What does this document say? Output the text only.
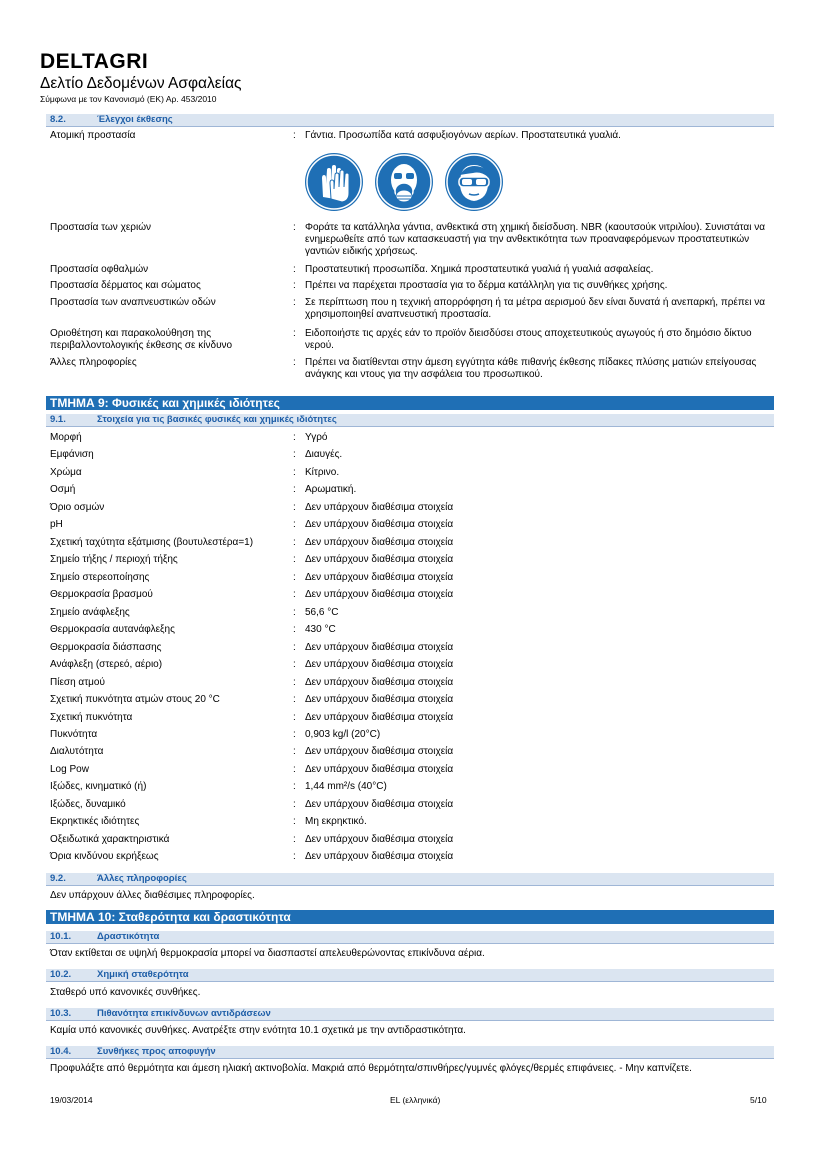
DELTAGRI
Δελτίο Δεδομένων Ασφαλείας
Σύμφωνα με τον Κανονισμό (ΕΚ) Αρ. 453/2010
8.2.	Έλεγχοι έκθεσης
Ατομική προστασία	: Γάντια. Προσωπίδα κατά ασφυξιογόνων αερίων. Προστατευτικά γυαλιά.
Προστασία των χεριών	: Φοράτε τα κατάλληλα γάντια, ανθεκτικά στη χημική διείσδυση. NBR (καουτσούκ νιτριλίου). Συνιστάται να ενημερωθείτε από των κατασκευαστή για την ανθεκτικότητα των προαναφερόμενων προστατευτικών γαντιών ειδικής χρήσεως.
Προστασία οφθαλμών	: Προστατευτική προσωπίδα. Χημικά προστατευτικά γυαλιά ή γυαλιά ασφαλείας.
Προστασία δέρματος και σώματος	: Πρέπει να παρέχεται προστασία για το δέρμα κατάλληλη για τις συνθήκες χρήσης.
Προστασία των αναπνευστικών οδών	: Σε περίπτωση που η τεχνική απορρόφηση ή τα μέτρα αερισμού δεν είναι δυνατά ή ανεπαρκή, πρέπει να χρησιμοποιηθεί αναπνευστική προστασία.
Οριοθέτηση και παρακολούθηση της περιβαλλοντολογικής έκθεσης σε κίνδυνο
: Ειδοποιήστε τις αρχές εάν το προϊόν διεισδύσει στους αποχετευτικούς αγωγούς ή στο δημόσιο δίκτυο νερού.
Άλλες πληροφορίες	: Πρέπει να διατίθενται στην άμεση εγγύτητα κάθε πιθανής έκθεσης πίδακες πλύσης ματιών επείγουσας ανάγκης και ντους για την ασφάλεια του προσωπικού.
ΤΜΗΜΑ 9: Φυσικές και χημικές ιδιότητες
9.1.	Στοιχεία για τις βασικές φυσικές και χημικές ιδιότητες
Μορφή	: Υγρό
Εμφάνιση	: Διαυγές.
Χρώμα	: Κίτρινο.
Οσμή	: Αρωματική.
Όριο οσμών	: Δεν υπάρχουν διαθέσιμα στοιχεία
pH	: Δεν υπάρχουν διαθέσιμα στοιχεία
Σχετική ταχύτητα εξάτμισης (βουτυλεστέρα=1)	: Δεν υπάρχουν διαθέσιμα στοιχεία
Σημείο τήξης / περιοχή τήξης	: Δεν υπάρχουν διαθέσιμα στοιχεία
Σημείο στερεοποίησης	: Δεν υπάρχουν διαθέσιμα στοιχεία
Θερμοκρασία βρασμού	: Δεν υπάρχουν διαθέσιμα στοιχεία
Σημείο ανάφλεξης	: 56,6 °C
Θερμοκρασία αυτανάφλεξης	: 430 °C
Θερμοκρασία διάσπασης	: Δεν υπάρχουν διαθέσιμα στοιχεία
Ανάφλεξη (στερεό, αέριο)	: Δεν υπάρχουν διαθέσιμα στοιχεία
Πίεση ατμού	: Δεν υπάρχουν διαθέσιμα στοιχεία
Σχετική πυκνότητα ατμών στους 20 °C	: Δεν υπάρχουν διαθέσιμα στοιχεία
Σχετική πυκνότητα	: Δεν υπάρχουν διαθέσιμα στοιχεία
Πυκνότητα	: 0,903 kg/l (20°C)
Διαλυτότητα	: Δεν υπάρχουν διαθέσιμα στοιχεία
Log Pow	: Δεν υπάρχουν διαθέσιμα στοιχεία
Ιξώδες, κινηματικό (ή)	: 1,44 mm²/s (40°C)
Ιξώδες, δυναμικό	: Δεν υπάρχουν διαθέσιμα στοιχεία
Εκρηκτικές ιδιότητες	: Μη εκρηκτικό.
Οξειδωτικά χαρακτηριστικά	: Δεν υπάρχουν διαθέσιμα στοιχεία
Όρια κινδύνου εκρήξεως	: Δεν υπάρχουν διαθέσιμα στοιχεία
9.2.	Άλλες πληροφορίες
Δεν υπάρχουν άλλες διαθέσιμες πληροφορίες.
ΤΜΗΜΑ 10: Σταθερότητα και δραστικότητα
10.1.	Δραστικότητα
Όταν εκτίθεται σε υψηλή θερμοκρασία μπορεί να διασπαστεί απελευθερώνοντας επικίνδυνα αέρια.
10.2.	Χημική σταθερότητα
Σταθερό υπό κανονικές συνθήκες.
10.3.	Πιθανότητα επικίνδυνων αντιδράσεων
Καμία υπό κανονικές συνθήκες. Ανατρέξτε στην ενότητα 10.1 σχετικά με την αντιδραστικότητα.
10.4.	Συνθήκες προς αποφυγήν
Προφυλάξτε από θερμότητα και άμεση ηλιακή ακτινοβολία. Μακριά από θερμότητα/σπινθήρες/γυμνές φλόγες/θερμές επιφάνειες. - Μην καπνίζετε.
19/03/2014	EL (ελληνικά)	5/10
